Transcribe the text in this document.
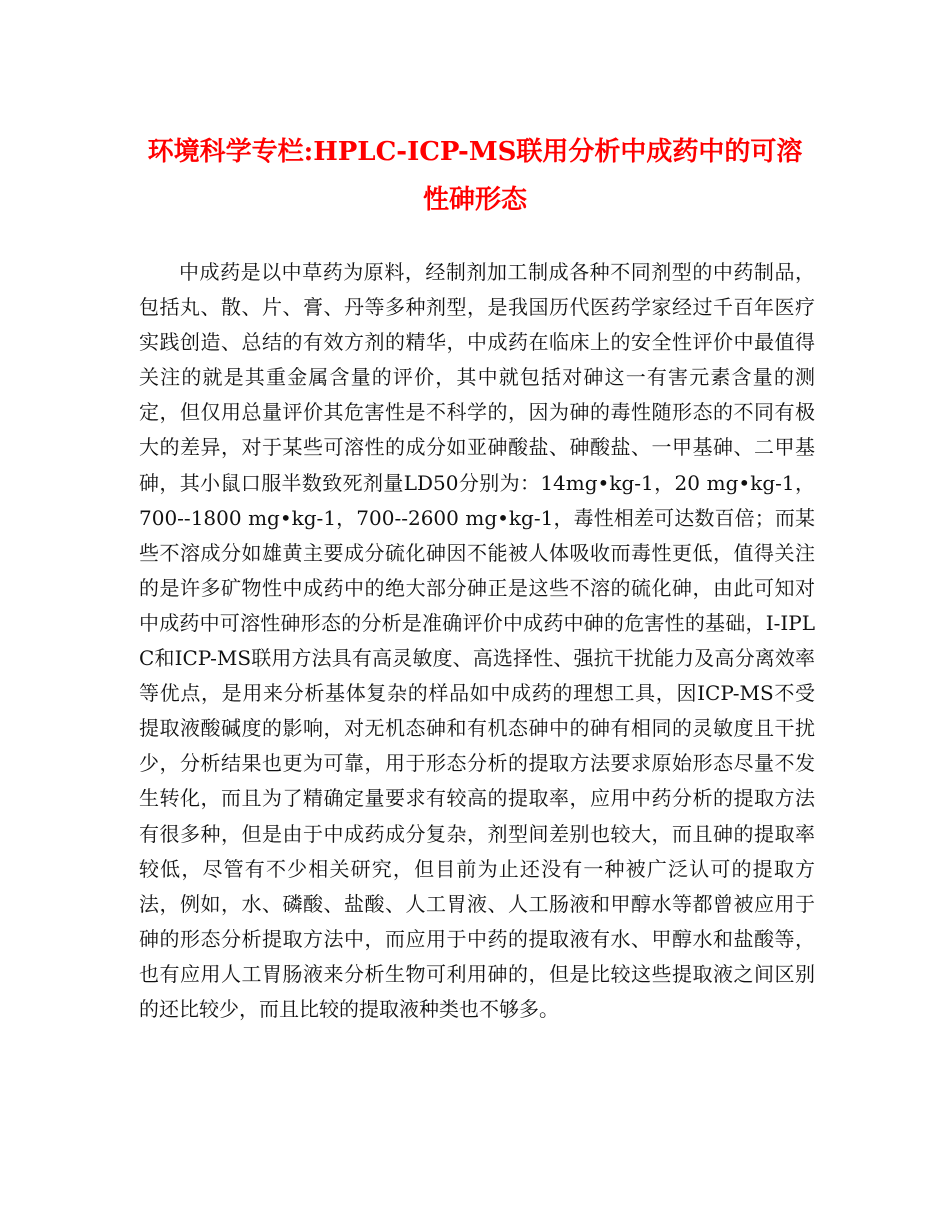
环境科学专栏:HPLC-ICP-MS联用分析中成药中的可溶
性砷形态

中成药是以中草药为原料，经制剂加工制成各种不同剂型的中药制品，包括丸、散、片、膏、丹等多种剂型，是我国历代医药学家经过千百年医疗实践创造、总结的有效方剂的精华，中成药在临床上的安全性评价中最值得关注的就是其重金属含量的评价，其中就包括对砷这一有害元素含量的测定，但仅用总量评价其危害性是不科学的，因为砷的毒性随形态的不同有极大的差异，对于某些可溶性的成分如亚砷酸盐、砷酸盐、一甲基砷、二甲基砷，其小鼠口服半数致死剂量LD50分别为：14mg•kg-1，20 mg•kg-1，700--1800 mg•kg-1，700--2600 mg•kg-1，毒性相差可达数百倍；而某些不溶成分如雄黄主要成分硫化砷因不能被人体吸收而毒性更低，值得关注的是许多矿物性中成药中的绝大部分砷正是这些不溶的硫化砷，由此可知对中成药中可溶性砷形态的分析是准确评价中成药中砷的危害性的基础，I-IPLC和ICP-MS联用方法具有高灵敏度、高选择性、强抗干扰能力及高分离效率等优点，是用来分析基体复杂的样品如中成药的理想工具，因ICP-MS不受提取液酸碱度的影响，对无机态砷和有机态砷中的砷有相同的灵敏度且干扰少，分析结果也更为可靠，用于形态分析的提取方法要求原始形态尽量不发生转化，而且为了精确定量要求有较高的提取率，应用中药分析的提取方法有很多种，但是由于中成药成分复杂，剂型间差别也较大，而且砷的提取率较低，尽管有不少相关研究，但目前为止还没有一种被广泛认可的提取方法，例如，水、磷酸、盐酸、人工胃液、人工肠液和甲醇水等都曾被应用于砷的形态分析提取方法中，而应用于中药的提取液有水、甲醇水和盐酸等，也有应用人工胃肠液来分析生物可利用砷的，但是比较这些提取液之间区别的还比较少，而且比较的提取液种类也不够多。
